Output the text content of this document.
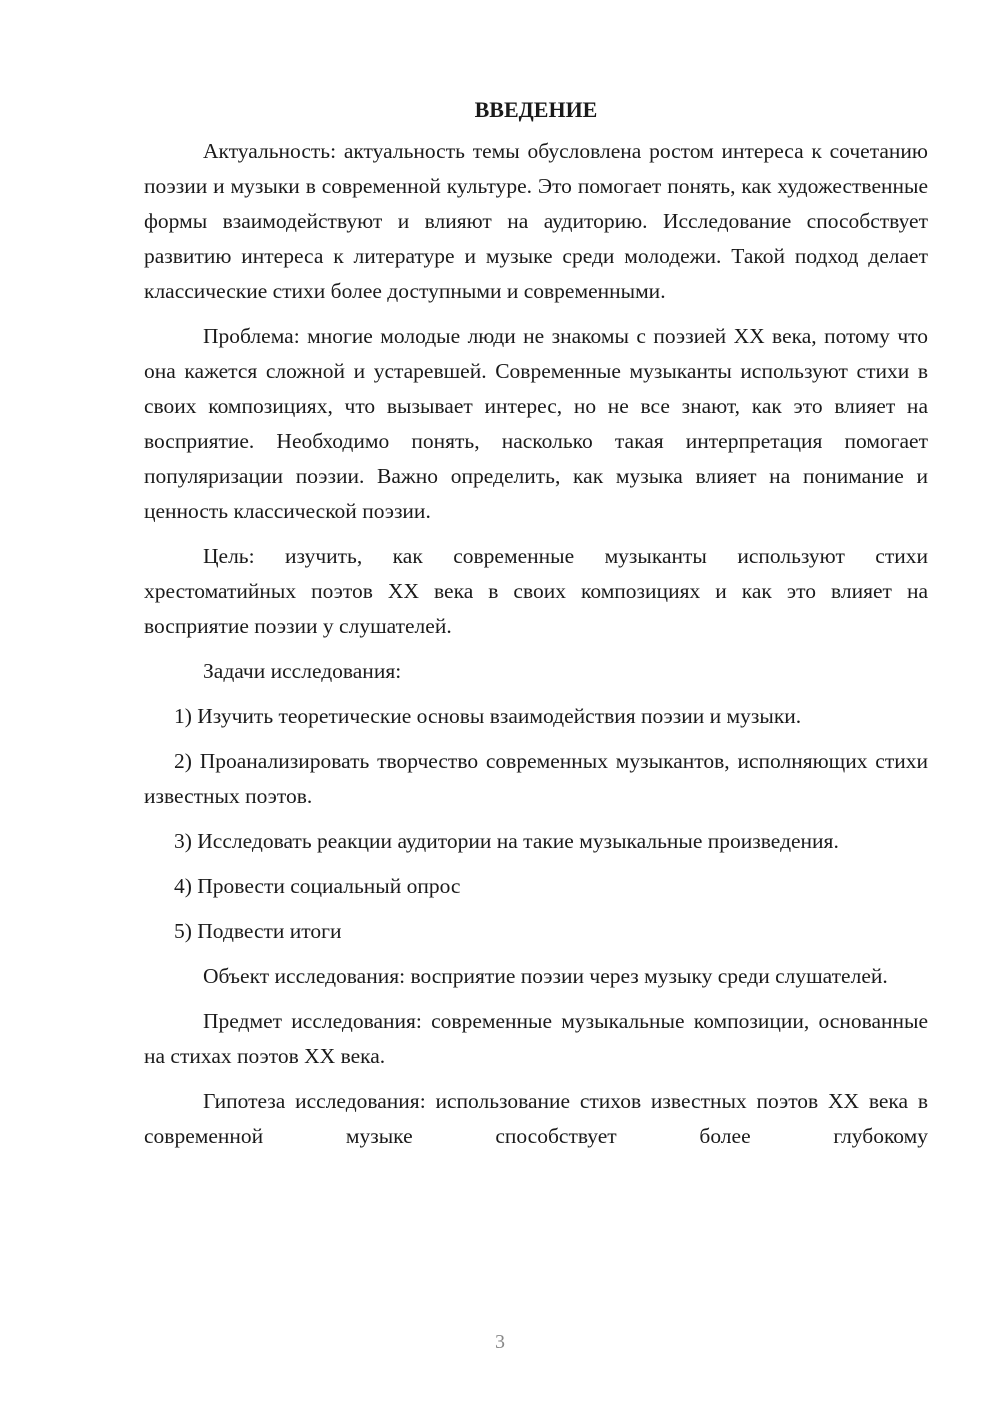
ВВЕДЕНИЕ

Актуальность: актуальность темы обусловлена ростом интереса к сочетанию поэзии и музыки в современной культуре. Это помогает понять, как художественные формы взаимодействуют и влияют на аудиторию. Исследование способствует развитию интереса к литературе и музыке среди молодежи. Такой подход делает классические стихи более доступными и современными.

Проблема: многие молодые люди не знакомы с поэзией XX века, потому что она кажется сложной и устаревшей. Современные музыканты используют стихи в своих композициях, что вызывает интерес, но не все знают, как это влияет на восприятие. Необходимо понять, насколько такая интерпретация помогает популяризации поэзии. Важно определить, как музыка влияет на понимание и ценность классической поэзии.

Цель: изучить, как современные музыканты используют стихи хрестоматийных поэтов XX века в своих композициях и как это влияет на восприятие поэзии у слушателей.

Задачи исследования:

1) Изучить теоретические основы взаимодействия поэзии и музыки.

2) Проанализировать творчество современных музыкантов, исполняющих стихи известных поэтов.

3) Исследовать реакции аудитории на такие музыкальные произведения.

4) Провести социальный опрос

5) Подвести итоги

Объект исследования: восприятие поэзии через музыку среди слушателей.

Предмет исследования: современные музыкальные композиции, основанные на стихах поэтов XX века.

Гипотеза исследования: использование стихов известных поэтов XX века в современной музыке способствует более глубокому

3
